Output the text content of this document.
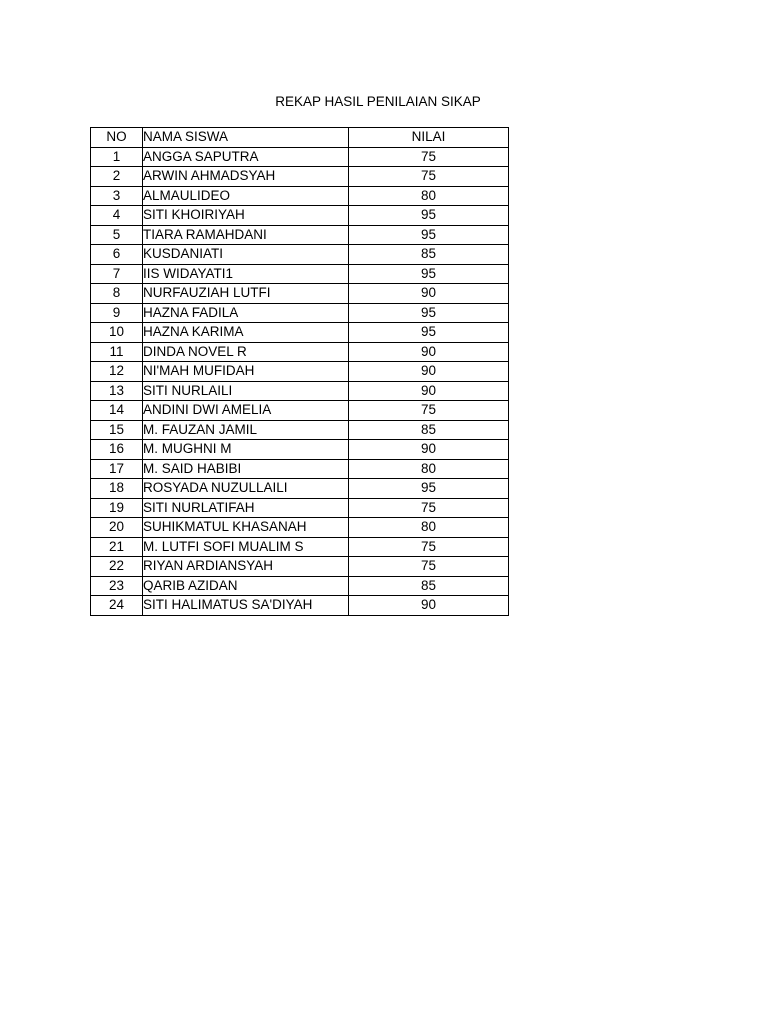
REKAP HASIL PENILAIAN SIKAP
NO	NAMA SISWA	NILAI
1	ANGGA SAPUTRA	75
2	ARWIN AHMADSYAH	75
3	ALMAULIDEO	80
4	SITI KHOIRIYAH	95
5	TIARA RAMAHDANI	95
6	KUSDANIATI	85
7	IIS WIDAYATI1	95
8	NURFAUZIAH LUTFI	90
9	HAZNA FADILA	95
10	HAZNA KARIMA	95
11	DINDA NOVEL R	90
12	NI'MAH MUFIDAH	90
13	SITI NURLAILI	90
14	ANDINI DWI AMELIA	75
15	M. FAUZAN JAMIL	85
16	M. MUGHNI M	90
17	M. SAID HABIBI	80
18	ROSYADA NUZULLAILI	95
19	SITI NURLATIFAH	75
20	SUHIKMATUL KHASANAH	80
21	M. LUTFI SOFI MUALIM S	75
22	RIYAN ARDIANSYAH	75
23	QARIB AZIDAN	85
24	SITI HALIMATUS SA'DIYAH	90
